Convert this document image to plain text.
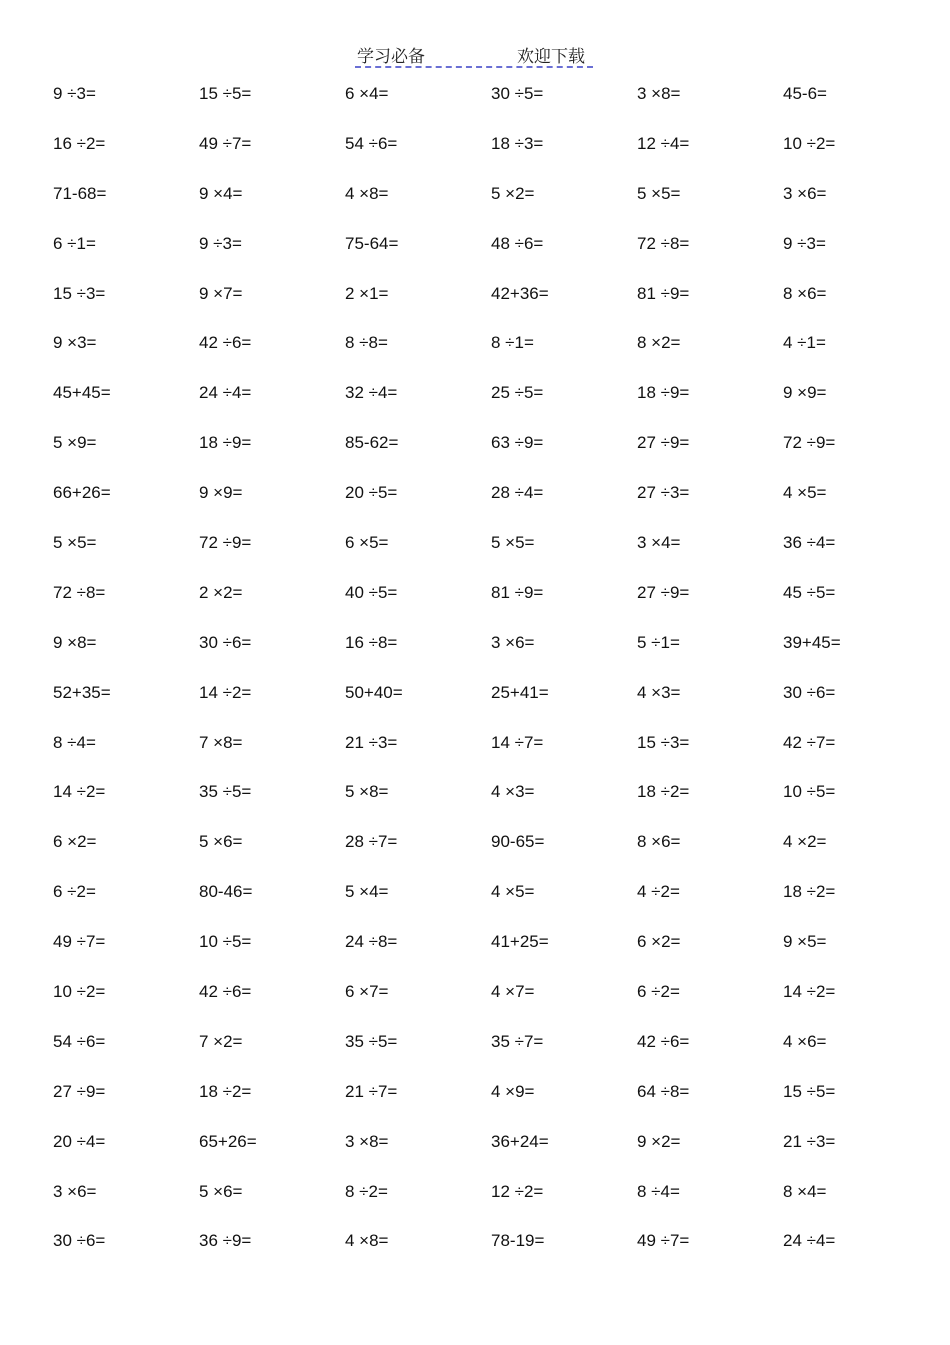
学习必备	欢迎下载
9 ÷3=	15 ÷5=	6 ×4=	30 ÷5=	3 ×8=	45-6=
16 ÷2=	49 ÷7=	54 ÷6=	18 ÷3=	12 ÷4=	10 ÷2=
71-68=	9 ×4=	4 ×8=	5 ×2=	5 ×5=	3 ×6=
6 ÷1=	9 ÷3=	75-64=	48 ÷6=	72 ÷8=	9 ÷3=
15 ÷3=	9 ×7=	2 ×1=	42+36=	81 ÷9=	8 ×6=
9 ×3=	42 ÷6=	8 ÷8=	8 ÷1=	8 ×2=	4 ÷1=
45+45=	24 ÷4=	32 ÷4=	25 ÷5=	18 ÷9=	9 ×9=
5 ×9=	18 ÷9=	85-62=	63 ÷9=	27 ÷9=	72 ÷9=
66+26=	9 ×9=	20 ÷5=	28 ÷4=	27 ÷3=	4 ×5=
5 ×5=	72 ÷9=	6 ×5=	5 ×5=	3 ×4=	36 ÷4=
72 ÷8=	2 ×2=	40 ÷5=	81 ÷9=	27 ÷9=	45 ÷5=
9 ×8=	30 ÷6=	16 ÷8=	3 ×6=	5 ÷1=	39+45=
52+35=	14 ÷2=	50+40=	25+41=	4 ×3=	30 ÷6=
8 ÷4=	7 ×8=	21 ÷3=	14 ÷7=	15 ÷3=	42 ÷7=
14 ÷2=	35 ÷5=	5 ×8=	4 ×3=	18 ÷2=	10 ÷5=
6 ×2=	5 ×6=	28 ÷7=	90-65=	8 ×6=	4 ×2=
6 ÷2=	80-46=	5 ×4=	4 ×5=	4 ÷2=	18 ÷2=
49 ÷7=	10 ÷5=	24 ÷8=	41+25=	6 ×2=	9 ×5=
10 ÷2=	42 ÷6=	6 ×7=	4 ×7=	6 ÷2=	14 ÷2=
54 ÷6=	7 ×2=	35 ÷5=	35 ÷7=	42 ÷6=	4 ×6=
27 ÷9=	18 ÷2=	21 ÷7=	4 ×9=	64 ÷8=	15 ÷5=
20 ÷4=	65+26=	3 ×8=	36+24=	9 ×2=	21 ÷3=
3 ×6=	5 ×6=	8 ÷2=	12 ÷2=	8 ÷4=	8 ×4=
30 ÷6=	36 ÷9=	4 ×8=	78-19=	49 ÷7=	24 ÷4=
